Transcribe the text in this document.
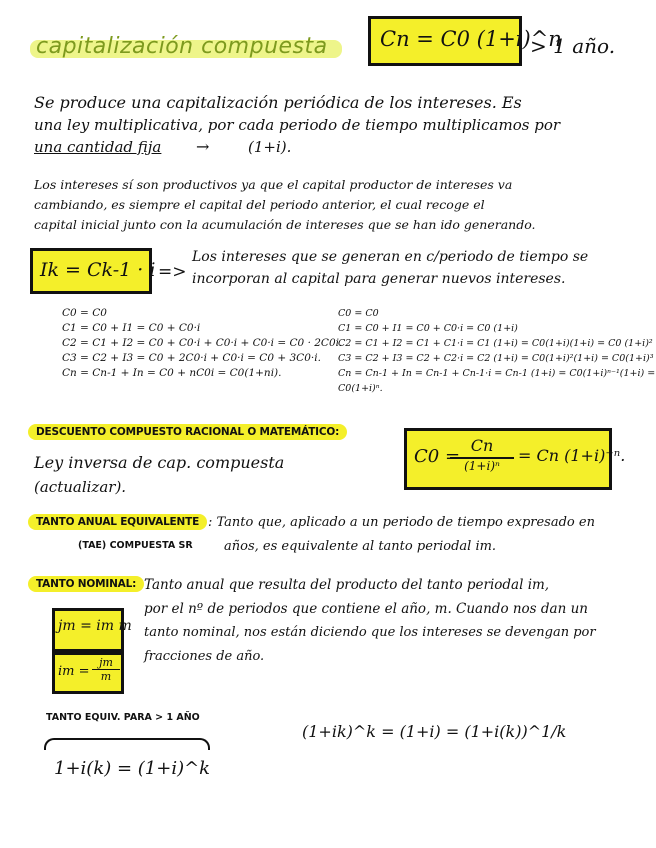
capitalización compuesta Cn = C0 (1+i)^n
> 1 año.
Se produce una capitalización periódica de los intereses. Es
una ley multiplicativa, por cada periodo de tiempo multiplicamos por
una cantidad fija →	(1+i).
Los intereses sí son productivos ya que el capital productor de intereses va
cambiando, es siempre el capital del periodo anterior, el cual recoge el
capital inicial junto con la acumulación de intereses que se han ido generando.
Ik = Ck-1 · i =>
Los intereses que se generan en c/periodo de tiempo se
incorporan al capital para generar nuevos intereses.
C0 = C0
C1 = C0 + I1 = C0 + C0·i
C2 = C1 + I2 = C0 + C0·i + C0·i + C0·i = C0 · 2C0i.
C3 = C2 + I3 = C0 + 2C0·i + C0·i = C0 + 3C0·i.
Cn = Cn-1 + In = C0 + nC0i = C0(1+ni).
C0 = C0
C1 = C0 + I1 = C0 + C0·i = C0 (1+i)
C2 = C1 + I2 = C1 + C1·i = C1 (1+i) = C0(1+i)(1+i) = C0 (1+i)²
C3 = C2 + I3 = C2 + C2·i = C2 (1+i) = C0(1+i)²(1+i) = C0(1+i)³
Cn = Cn-1 + In = Cn-1 + Cn-1·i = Cn-1 (1+i) = C0(1+i)ⁿ⁻¹(1+i) = C0(1+i)ⁿ.
DESCUENTO COMPUESTO RACIONAL O MATEMÁTICO:
Ley inversa de cap. compuesta
(actualizar).
C0 =
Cn
(1+i)ⁿ
= Cn (1+i)⁻ⁿ.
TANTO ANUAL EQUIVALENTE
(TAE) COMPUESTA SR
: Tanto que, aplicado a un periodo de tiempo expresado en
años, es equivalente al tanto periodal im.
TANTO NOMINAL: Tanto anual que resulta del producto del tanto periodal im,
por el nº de periodos que contiene el año, m. Cuando nos dan un
tanto nominal, nos están diciendo que los intereses se devengan por
fracciones de año.
jm = im m
im = $\frac{jm}{m}$
TANTO EQUIV. PARA > 1 AÑO
1+i(k) = (1+i)^k
(1+ik)^k = (1+i) = (1+i(k))^1/k
